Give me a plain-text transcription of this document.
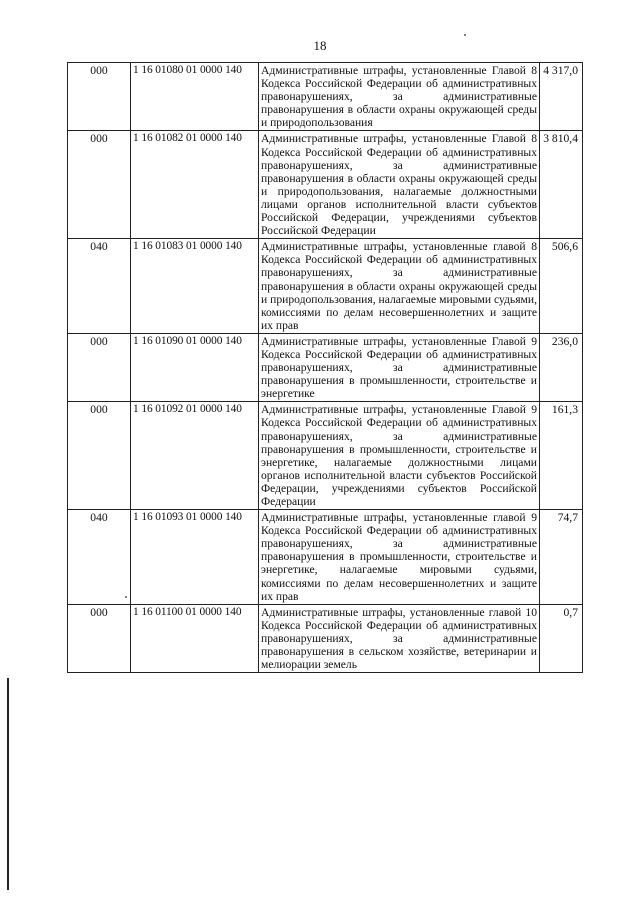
18
000	1 16 01080 01 0000 140	Административные штрафы, установленные Главой 8 Кодекса Российской Федерации об административных правонарушениях, за административные правонарушения в области охраны окружающей среды и природопользования	4 317,0
000	1 16 01082 01 0000 140	Административные штрафы, установленные Главой 8 Кодекса Российской Федерации об административных правонарушениях, за административные правонарушения в области охраны окружающей среды и природопользования, налагаемые должностными лицами органов исполнительной власти субъектов Российской Федерации, учреждениями субъектов Российской Федерации	3 810,4
040	1 16 01083 01 0000 140	Административные штрафы, установленные главой 8 Кодекса Российской Федерации об административных правонарушениях, за административные правонарушения в области охраны окружающей среды и природопользования, налагаемые мировыми судьями, комиссиями по делам несовершеннолетних и защите их прав	506,6
000	1 16 01090 01 0000 140	Административные штрафы, установленные Главой 9 Кодекса Российской Федерации об административных правонарушениях, за административные правонарушения в промышленности, строительстве и энергетике	236,0
000	1 16 01092 01 0000 140	Административные штрафы, установленные Главой 9 Кодекса Российской Федерации об административных правонарушениях, за административные правонарушения в промышленности, строительстве и энергетике, налагаемые должностными лицами органов исполнительной власти субъектов Российской Федерации, учреждениями субъектов Российской Федерации	161,3
040	1 16 01093 01 0000 140	Административные штрафы, установленные главой 9 Кодекса Российской Федерации об административных правонарушениях, за административные правонарушения в промышленности, строительстве и энергетике, налагаемые мировыми судьями, комиссиями по делам несовершеннолетних и защите их прав	74,7
000	1 16 01100 01 0000 140	Административные штрафы, установленные главой 10 Кодекса Российской Федерации об административных правонарушениях, за административные правонарушения в сельском хозяйстве, ветеринарии и мелиорации земель	0,7
